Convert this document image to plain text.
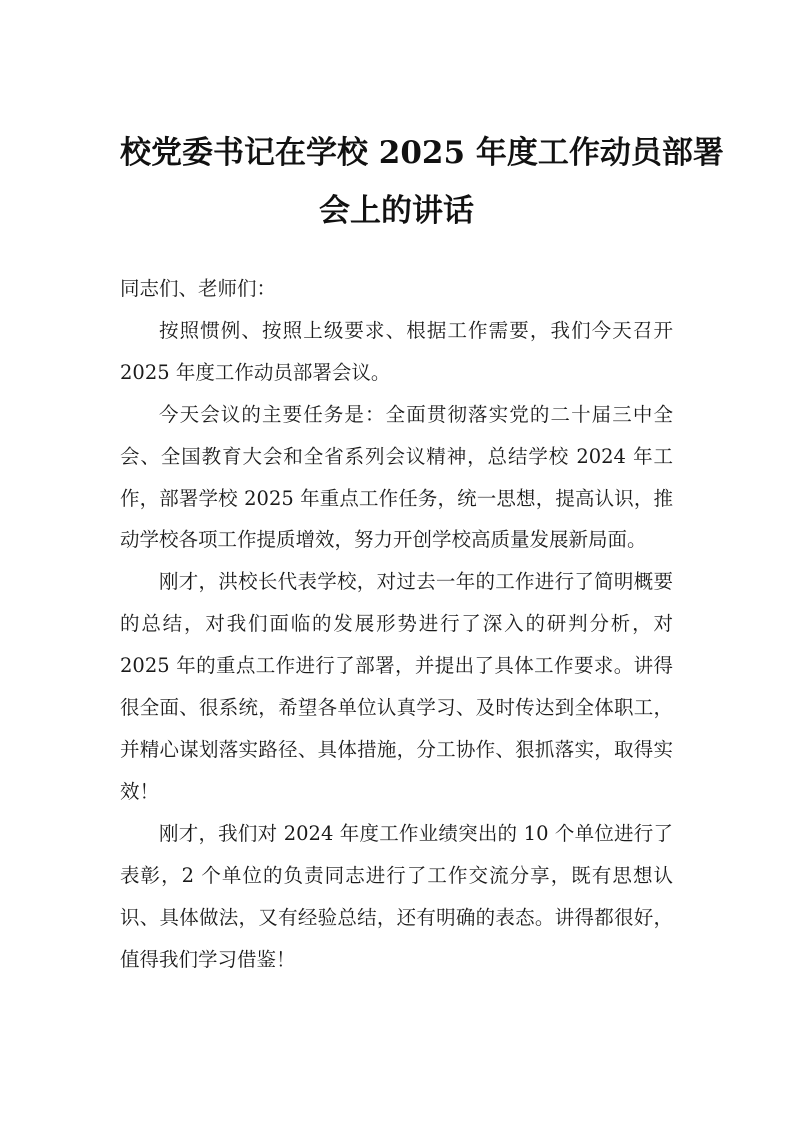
校党委书记在学校 2025 年度工作动员部署
会上的讲话

同志们、老师们：

按照惯例、按照上级要求、根据工作需要，我们今天召开 2025 年度工作动员部署会议。

今天会议的主要任务是：全面贯彻落实党的二十届三中全会、全国教育大会和全省系列会议精神，总结学校 2024 年工作，部署学校 2025 年重点工作任务，统一思想，提高认识，推动学校各项工作提质增效，努力开创学校高质量发展新局面。

刚才，洪校长代表学校，对过去一年的工作进行了简明概要的总结，对我们面临的发展形势进行了深入的研判分析，对 2025 年的重点工作进行了部署，并提出了具体工作要求。讲得很全面、很系统，希望各单位认真学习、及时传达到全体职工，并精心谋划落实路径、具体措施，分工协作、狠抓落实，取得实效！

刚才，我们对 2024 年度工作业绩突出的 10 个单位进行了表彰，2 个单位的负责同志进行了工作交流分享，既有思想认识、具体做法，又有经验总结，还有明确的表态。讲得都很好，值得我们学习借鉴！
